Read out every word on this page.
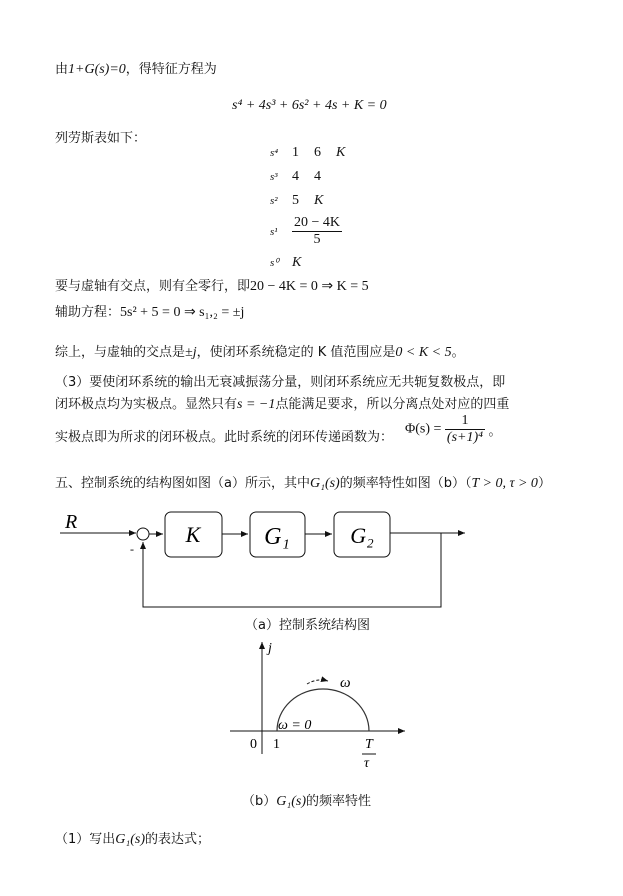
由1+G(s)=0，得特征方程为
s⁴ + 4s³ + 6s² + 4s + K = 0
列劳斯表如下：
s⁴ 1 6 K
s³ 4 4
s² 5 K
$s^1 \frac{20 - 4K}{5}$
s⁰ K
要与虚轴有交点，则有全零行，即20 − 4K = 0 ⇒ K = 5
辅助方程：5s² + 5 = 0 ⇒ s₁,₂ = ±j
综上，与虚轴的交点是±j，使闭环系统稳定的 K 值范围应是0 < K < 5。
（3）要使闭环系统的输出无衰减振荡分量，则闭环系统应无共轭复数极点，即
闭环极点均为实极点。显然只有s = −1点能满足要求，所以分离点处对应的四重
实极点即为所求的闭环极点。此时系统的闭环传递函数为：
$\Phi(s) = \frac{1}{\text{(s+1)⁴}}$ 。
五、控制系统的结构图如图（a）所示，其中G₁(s)的频率特性如图（b）（T > 0, τ > 0）
R
-
K	G₁	G₂
（a）控制系统结构图
j
0 1	T
τ
ω
ω = 0
（b）G₁(s)的频率特性
（1）写出G₁(s)的表达式；
